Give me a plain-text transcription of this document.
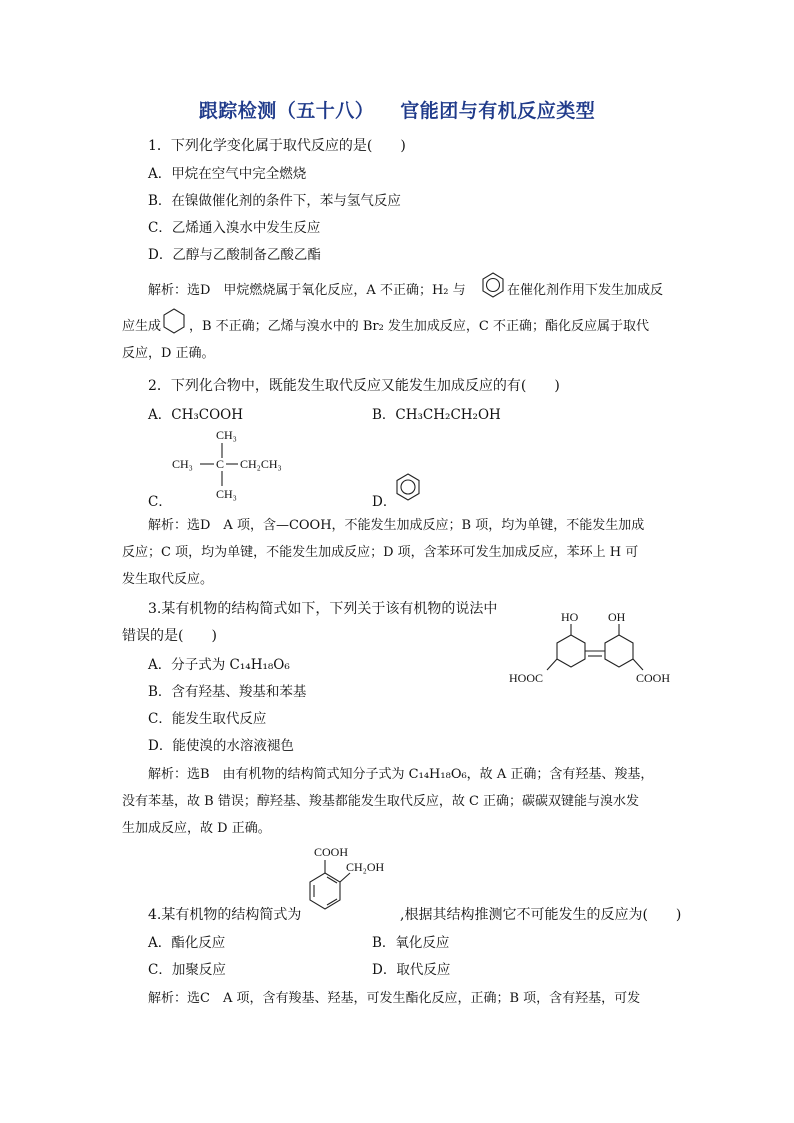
跟踪检测（五十八） 官能团与有机反应类型
1．下列化学变化属于取代反应的是(　　)
A．甲烷在空气中完全燃烧
B．在镍做催化剂的条件下，苯与氢气反应
C．乙烯通入溴水中发生反应
D．乙醇与乙酸制备乙酸乙酯
解析：选D　甲烷燃烧属于氧化反应，A 不正确；H₂ 与	在催化剂作用下发生加成反
应生成 ，B 不正确；乙烯与溴水中的 Br₂ 发生加成反应，C 不正确；酯化反应属于取代
反应，D 正确。
2．下列化合物中，既能发生取代反应又能发生加成反应的有(　　)
A．CH₃COOH	B．CH₃CH₂CH₂OH
CH₃
CH₃ C CH₂CH₃
CH₃
C．	D．
解析：选D　A 项，含—COOH，不能发生加成反应；B 项，均为单键，不能发生加成
反应；C 项，均为单键，不能发生加成反应；D 项，含苯环可发生加成反应，苯环上 H 可
发生取代反应。
3.某有机物的结构简式如下，下列关于该有机物的说法中
错误的是(　　)
A．分子式为 C₁₄H₁₈O₆
B．含有羟基、羧基和苯基
C．能发生取代反应
D．能使溴的水溶液褪色
HO OH
HOOC	COOH
解析：选B　由有机物的结构简式知分子式为 C₁₄H₁₈O₆，故 A 正确；含有羟基、羧基，
没有苯基，故 B 错误；醇羟基、羧基都能发生取代反应，故 C 正确；碳碳双键能与溴水发
生加成反应，故 D 正确。
COOH
CH₂OH
4.某有机物的结构简式为	,根据其结构推测它不可能发生的反应为(　　)
A．酯化反应	B．氧化反应
C．加聚反应	D．取代反应
解析：选C　A 项，含有羧基、羟基，可发生酯化反应，正确；B 项，含有羟基，可发
